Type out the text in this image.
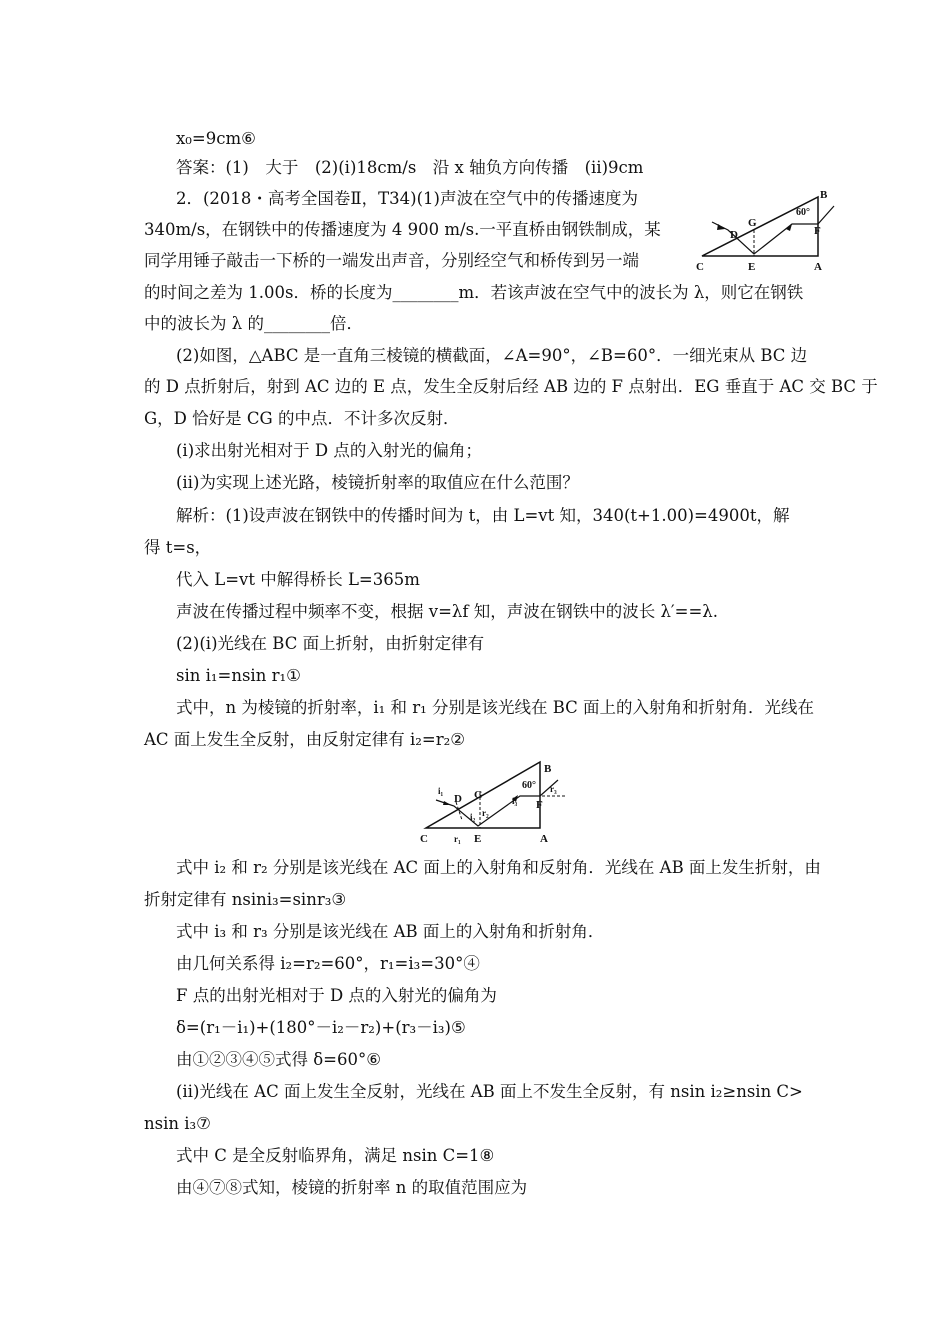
x₀=9cm⑥
答案：(1)　大于　(2)(ⅰ)18cm/s　沿 x 轴负方向传播　(ⅱ)9cm
2．(2018・高考全国卷Ⅱ，T34)(1)声波在空气中的传播速度为
340m/s，在钢铁中的传播速度为 4 900 m/s.一平直桥由钢铁制成，某
同学用锤子敲击一下桥的一端发出声音，分别经空气和桥传到另一端
的时间之差为 1.00s．桥的长度为________m．若该声波在空气中的波长为 λ，则它在钢铁
中的波长为 λ 的________倍．
(2)如图，△ABC 是一直角三棱镜的横截面，∠A=90°，∠B=60°．一细光束从 BC 边
的 D 点折射后，射到 AC 边的 E 点，发生全反射后经 AB 边的 F 点射出．EG 垂直于 AC 交 BC 于
G，D 恰好是 CG 的中点．不计多次反射．
(ⅰ)求出射光相对于 D 点的入射光的偏角；
(ⅱ)为实现上述光路，棱镜折射率的取值应在什么范围？
解析：(1)设声波在钢铁中的传播时间为 t，由 L=vt 知，340(t+1.00)=4900t，解
得 t=s，
代入 L=vt 中解得桥长 L=365m
声波在传播过程中频率不变，根据 v=λf 知，声波在钢铁中的波长 λ′==λ.
(2)(ⅰ)光线在 BC 面上折射，由折射定律有
sin i₁=nsin r₁①
式中，n 为棱镜的折射率，i₁ 和 r₁ 分别是该光线在 BC 面上的入射角和折射角．光线在
AC 面上发生全反射，由反射定律有 i₂=r₂②
式中 i₂ 和 r₂ 分别是该光线在 AC 面上的入射角和反射角．光线在 AB 面上发生折射，由
折射定律有 nsini₃=sinr₃③
式中 i₃ 和 r₃ 分别是该光线在 AB 面上的入射角和折射角．
由几何关系得 i₂=r₂=60°，r₁=i₃=30°④
F 点的出射光相对于 D 点的入射光的偏角为
δ=(r₁－i₁)+(180°－i₂－r₂)+(r₃－i₃)⑤
由①②③④⑤式得 δ=60°⑥
(ⅱ)光线在 AC 面上发生全反射，光线在 AB 面上不发生全反射，有 nsin i₂≥nsin C>
nsin i₃⑦
式中 C 是全反射临界角，满足 nsin C=1⑧
由④⑦⑧式知，棱镜的折射率 n 的取值范围应为
B
G
60°
D	F
C	E	A
B
60°
G
i₁
D	i₃
r₃
F
i₂ r₂
C	r₁ E	A
